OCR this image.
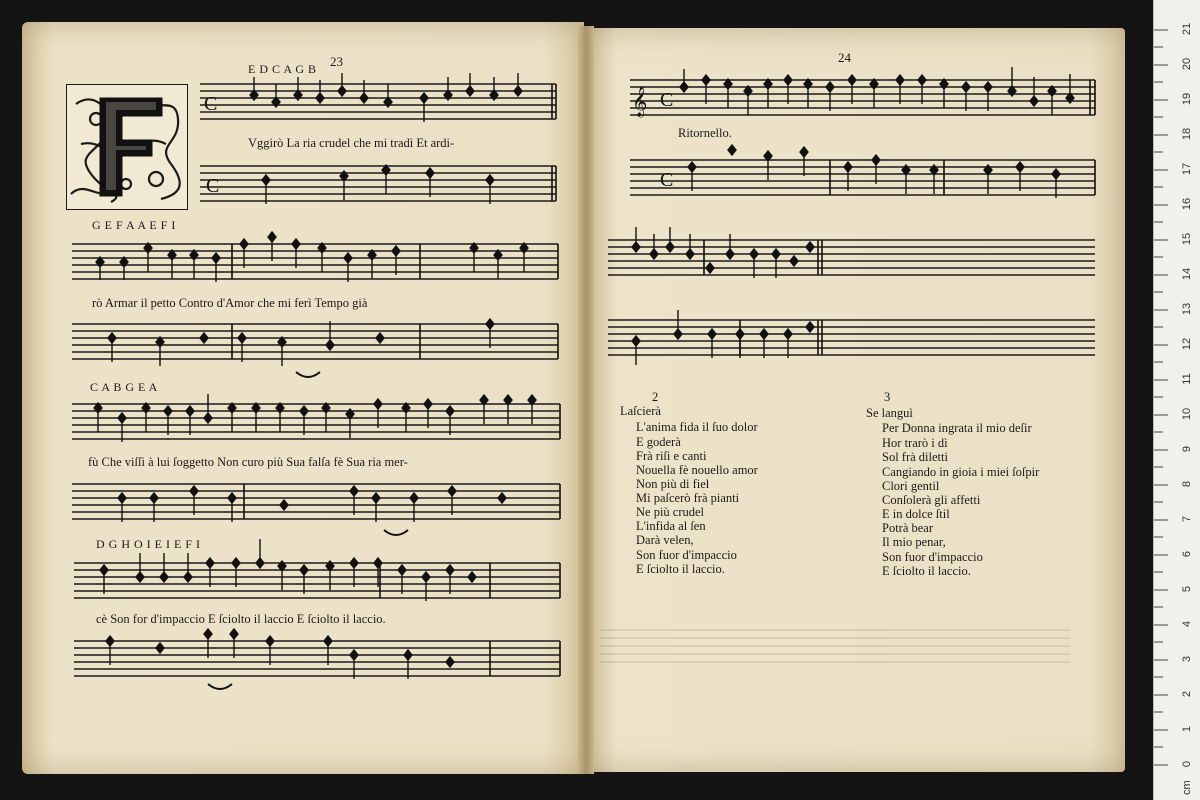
23
C
C
E D C A G B
Vggirò La ria crudel che mi tradì Et ardi-
G E F A A E F I
rò Armar il petto Contro d'Amor che mi ferì Tempo già
C A B G E A
fù Che viſſi à lui ſoggetto Non curo più Sua falſa fè Sua ria mer-
D G H O I E I E F I
cè Son for d'impaccio E ſciolto il laccio E ſciolto il laccio.
24
C
C
𝄞
Ritornello.
2
Laſcierà
L'anima fida il ſuo dolor
E goderà
Frà riſi e canti
Nouella fè nouello amor
Non più di fiel
Mi paſcerò frà pianti
Ne più crudel
L'infida al ſen
Darà velen,
Son fuor d'impaccio
E ſciolto il laccio.
3
Se languì
Per Donna ingrata il mio deſir
Hor trarò i dì
Sol frà diletti
Cangiando in gioia i miei ſoſpir
Clori gentil
Conſolerà gli affetti
E in dolce ſtil
Potrà bear
Il mio penar,
Son fuor d'impaccio
E ſciolto il laccio.
21
20
19
18
17
16
15
14
13
12
11
10
9
8
7
6
5
4
3
2
1
0
cm
